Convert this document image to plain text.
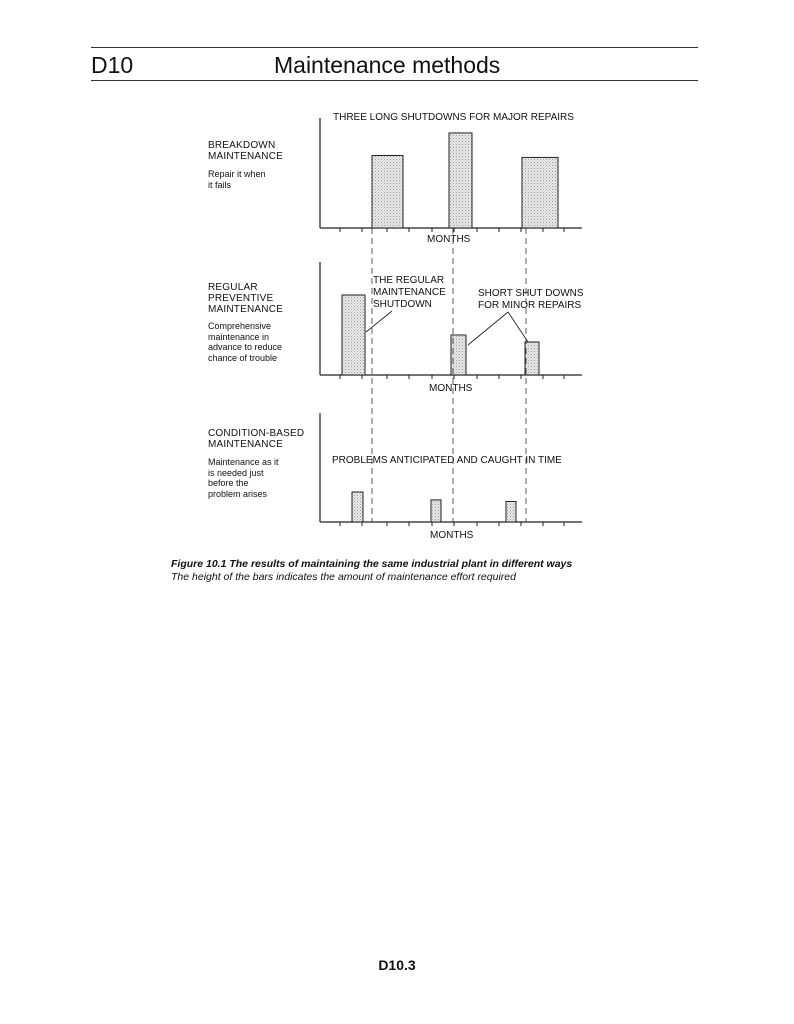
D10	Maintenance methods
BREAKDOWN
MAINTENANCE
Repair it when
it fails
REGULAR
PREVENTIVE
MAINTENANCE
Comprehensive
maintenance in
advance to reduce
chance of trouble
CONDITION-BASED
MAINTENANCE
Maintenance as it
is needed just
before the
problem arises
THREE LONG SHUTDOWNS FOR MAJOR REPAIRS
MONTHS
THE REGULAR
MAINTENANCE
SHUTDOWN
SHORT SHUT DOWNS
FOR MINOR REPAIRS
MONTHS
PROBLEMS ANTICIPATED AND CAUGHT IN TIME
MONTHS
Figure 10.1 The results of maintaining the same industrial plant in different ways
The height of the bars indicates the amount of maintenance effort required
D10.3
